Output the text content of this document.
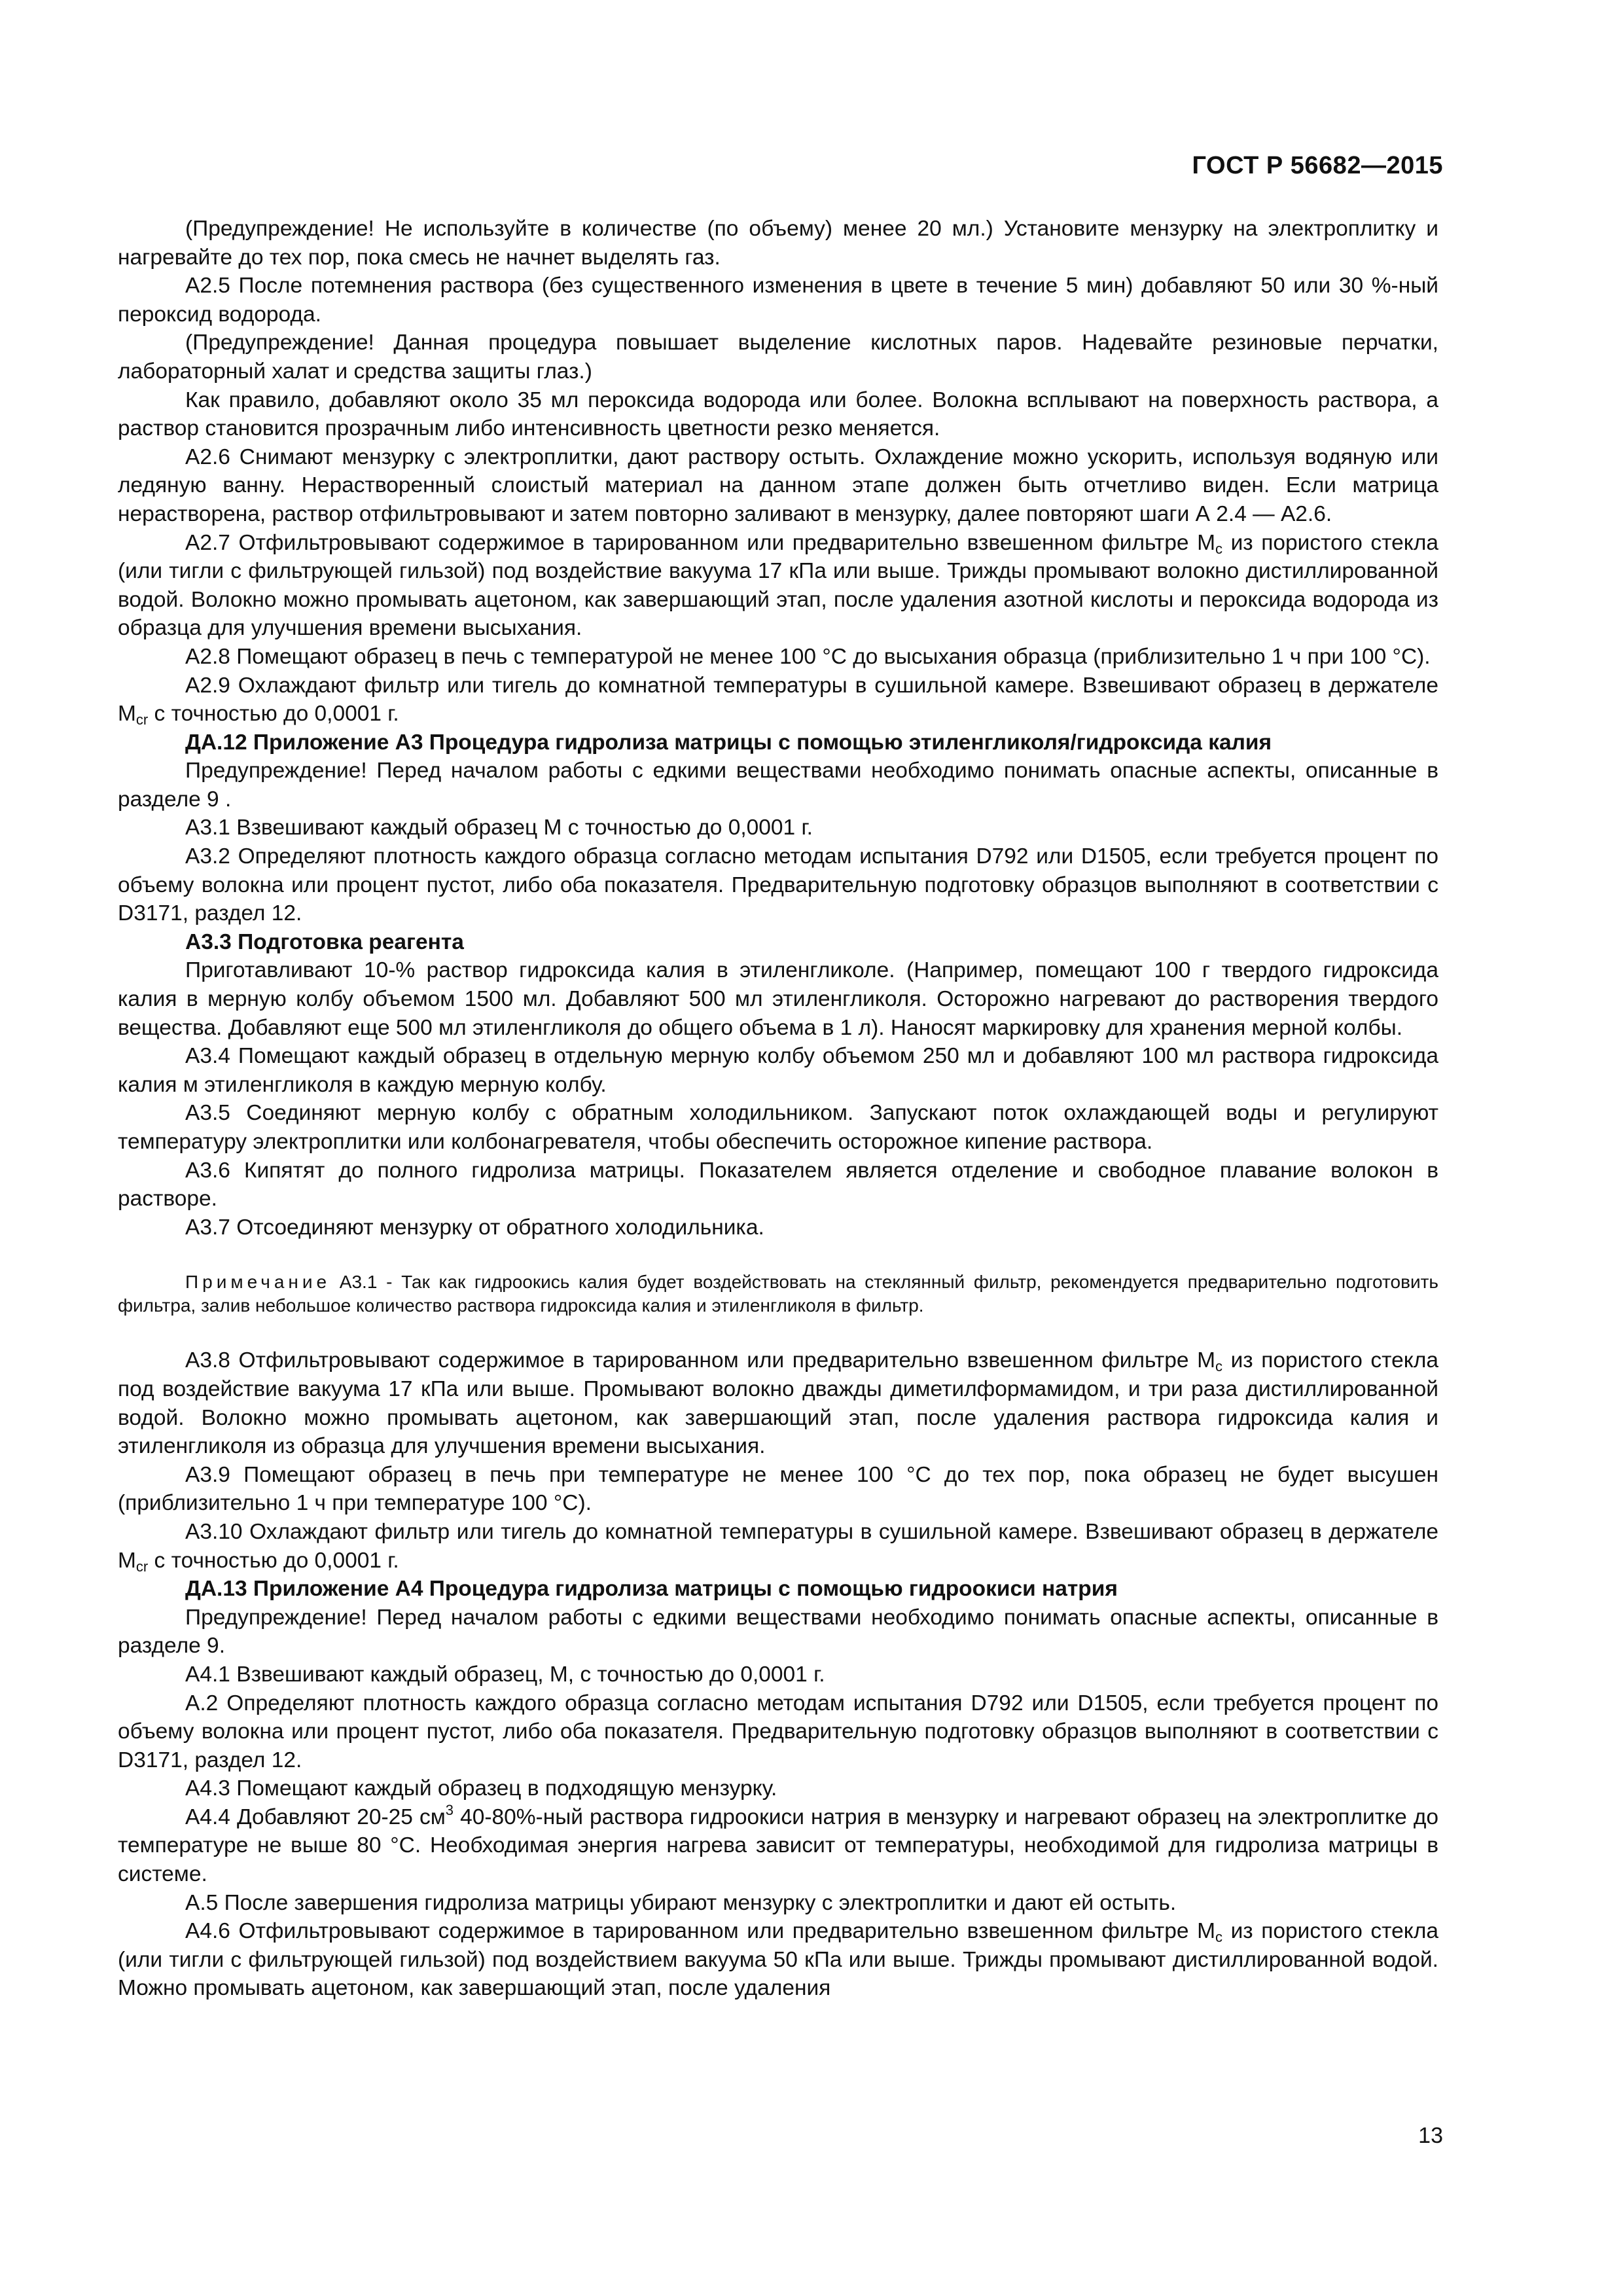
ГОСТ Р 56682—2015

(Предупреждение! Не используйте в количестве (по объему) менее 20 мл.) Установите мензурку на электроплитку и нагревайте до тех пор, пока смесь не начнет выделять газ.

А2.5 После потемнения раствора (без существенного изменения в цвете в течение 5 мин) добавляют 50 или 30 %-ный пероксид водорода.

(Предупреждение! Данная процедура повышает выделение кислотных паров. Надевайте резиновые перчатки, лабораторный халат и средства защиты глаз.)

Как правило, добавляют около 35 мл пероксида водорода или более. Волокна всплывают на поверхность раствора, а раствор становится прозрачным либо интенсивность цветности резко меняется.

А2.6 Снимают мензурку с электроплитки, дают раствору остыть. Охлаждение можно ускорить, используя водяную или ледяную ванну. Нерастворенный слоистый материал на данном этапе должен быть отчетливо виден. Если матрица нерастворена, раствор отфильтровывают и затем повторно заливают в мензурку, далее повторяют шаги А 2.4 — А2.6.

А2.7 Отфильтровывают содержимое в тарированном или предварительно взвешенном фильтре $M_c$ из пористого стекла (или тигли с фильтрующей гильзой) под воздействие вакуума 17 кПа или выше. Трижды промывают волокно дистиллированной водой. Волокно можно промывать ацетоном, как завершающий этап, после удаления азотной кислоты и пероксида водорода из образца для улучшения времени высыхания.

А2.8 Помещают образец в печь с температурой не менее 100 °С до высыхания образца (приблизительно 1 ч при 100 °С).

А2.9 Охлаждают фильтр или тигель до комнатной температуры в сушильной камере. Взвешивают образец в держателе $M_{cr}$ с точностью до 0,0001 г.

ДА.12 Приложение А3 Процедура гидролиза матрицы с помощью этиленгликоля/гидроксида калия

Предупреждение! Перед началом работы с едкими веществами необходимо понимать опасные аспекты, описанные в разделе 9 .

А3.1 Взвешивают каждый образец M с точностью до 0,0001 г.

А3.2 Определяют плотность каждого образца согласно методам испытания D792 или D1505, если требуется процент по объему волокна или процент пустот, либо оба показателя. Предварительную подготовку образцов выполняют в соответствии с D3171, раздел 12.

А3.3 Подготовка реагента

Приготавливают 10-% раствор гидроксида калия в этиленгликоле. (Например, помещают 100 г твердого гидроксида калия в мерную колбу объемом 1500 мл. Добавляют 500 мл этиленгликоля. Осторожно нагревают до растворения твердого вещества. Добавляют еще 500 мл этиленгликоля до общего объема в 1 л). Наносят маркировку для хранения мерной колбы.

А3.4 Помещают каждый образец в отдельную мерную колбу объемом 250 мл и добавляют 100 мл раствора гидроксида калия м этиленгликоля в каждую мерную колбу.

А3.5 Соединяют мерную колбу с обратным холодильником. Запускают поток охлаждающей воды и регулируют температуру электроплитки или колбонагревателя, чтобы обеспечить осторожное кипение раствора.

А3.6 Кипятят до полного гидролиза матрицы. Показателем является отделение и свободное плавание волокон в растворе.

А3.7 Отсоединяют мензурку от обратного холодильника.

Примечание А3.1 - Так как гидроокись калия будет воздействовать на стеклянный фильтр, рекомендуется предварительно подготовить фильтра, залив небольшое количество раствора гидроксида калия и этиленгликоля в фильтр.

А3.8 Отфильтровывают содержимое в тарированном или предварительно взвешенном фильтре $M_c$ из пористого стекла под воздействие вакуума 17 кПа или выше. Промывают волокно дважды диметилформамидом, и три раза дистиллированной водой. Волокно можно промывать ацетоном, как завершающий этап, после удаления раствора гидроксида калия и этиленгликоля из образца для улучшения времени высыхания.

А3.9 Помещают образец в печь при температуре не менее 100 °С до тех пор, пока образец не будет высушен (приблизительно 1 ч при температуре 100 °С).

А3.10 Охлаждают фильтр или тигель до комнатной температуры в сушильной камере. Взвешивают образец в держателе $M_{cr}$ с точностью до 0,0001 г.

ДА.13 Приложение А4 Процедура гидролиза матрицы с помощью гидроокиси натрия

Предупреждение! Перед началом работы с едкими веществами необходимо понимать опасные аспекты, описанные в разделе 9.

А4.1 Взвешивают каждый образец, M, с точностью до 0,0001 г.

А.2 Определяют плотность каждого образца согласно методам испытания D792 или D1505, если требуется процент по объему волокна или процент пустот, либо оба показателя. Предварительную подготовку образцов выполняют в соответствии с D3171, раздел 12.

А4.3 Помещают каждый образец в подходящую мензурку.

А4.4 Добавляют 20-25 $см^3$ 40-80%-ный раствора гидроокиси натрия в мензурку и нагревают образец на электроплитке до температуре не выше 80 °С. Необходимая энергия нагрева зависит от температуры, необходимой для гидролиза матрицы в системе.

А.5 После завершения гидролиза матрицы убирают мензурку с электроплитки и дают ей остыть.

А4.6 Отфильтровывают содержимое в тарированном или предварительно взвешенном фильтре $M_c$ из пористого стекла (или тигли с фильтрующей гильзой) под воздействием вакуума 50 кПа или выше. Трижды промывают дистиллированной водой. Можно промывать ацетоном, как завершающий этап, после удаления

13
